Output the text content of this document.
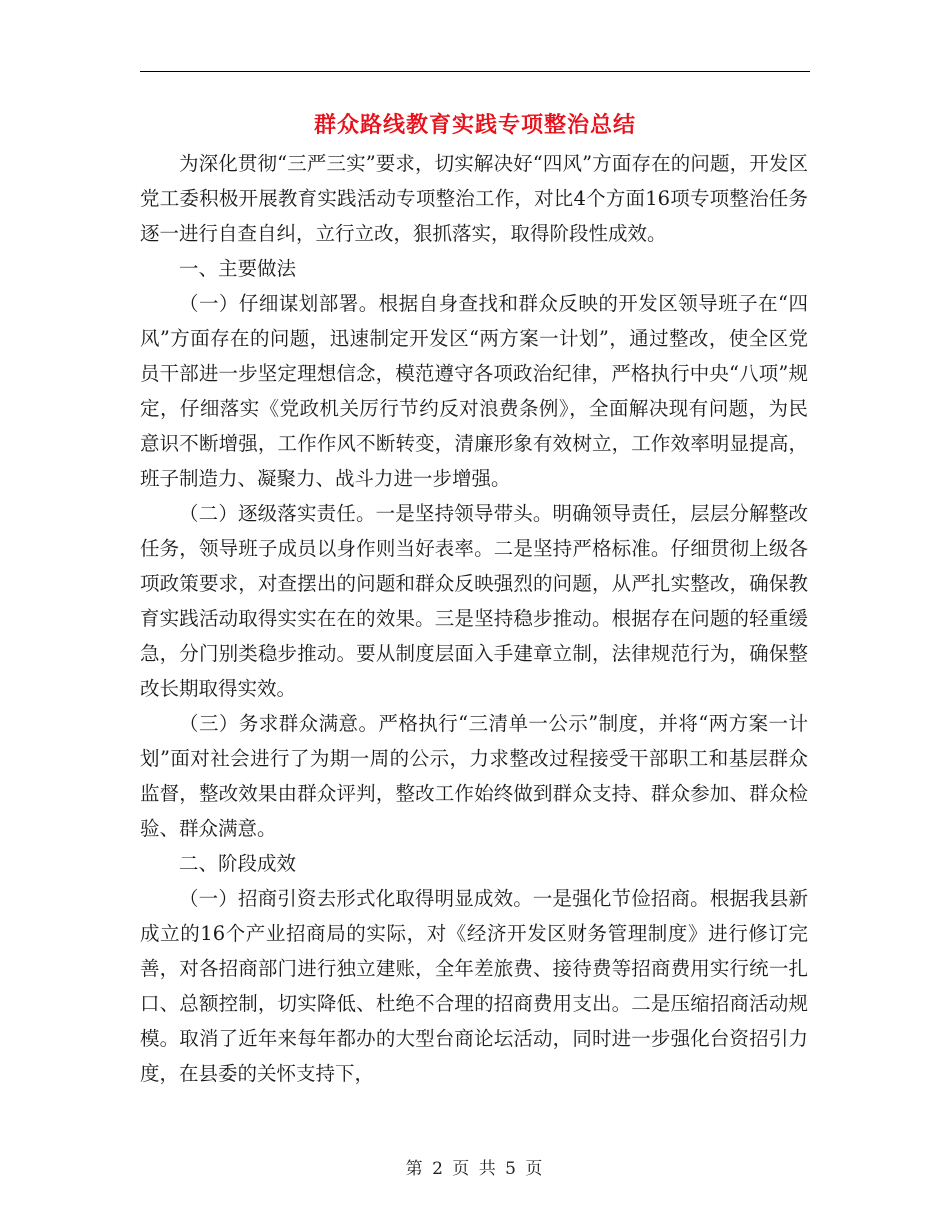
群众路线教育实践专项整治总结

为深化贯彻“三严三实”要求，切实解决好“四风”方面存在的问题，开发区党工委积极开展教育实践活动专项整治工作，对比4个方面16项专项整治任务逐一进行自查自纠，立行立改，狠抓落实，取得阶段性成效。

一、主要做法

（一）仔细谋划部署。根据自身查找和群众反映的开发区领导班子在“四风”方面存在的问题，迅速制定开发区“两方案一计划”，通过整改，使全区党员干部进一步坚定理想信念，模范遵守各项政治纪律，严格执行中央“八项”规定，仔细落实《党政机关厉行节约反对浪费条例》，全面解决现有问题，为民意识不断增强，工作作风不断转变，清廉形象有效树立，工作效率明显提高，班子制造力、凝聚力、战斗力进一步增强。

（二）逐级落实责任。一是坚持领导带头。明确领导责任，层层分解整改任务，领导班子成员以身作则当好表率。二是坚持严格标准。仔细贯彻上级各项政策要求，对查摆出的问题和群众反映强烈的问题，从严扎实整改，确保教育实践活动取得实实在在的效果。三是坚持稳步推动。根据存在问题的轻重缓急，分门别类稳步推动。要从制度层面入手建章立制，法律规范行为，确保整改长期取得实效。

（三）务求群众满意。严格执行“三清单一公示”制度，并将“两方案一计划”面对社会进行了为期一周的公示，力求整改过程接受干部职工和基层群众监督，整改效果由群众评判，整改工作始终做到群众支持、群众参加、群众检验、群众满意。

二、阶段成效

（一）招商引资去形式化取得明显成效。一是强化节俭招商。根据我县新成立的16个产业招商局的实际，对《经济开发区财务管理制度》进行修订完善，对各招商部门进行独立建账，全年差旅费、接待费等招商费用实行统一扎口、总额控制，切实降低、杜绝不合理的招商费用支出。二是压缩招商活动规模。取消了近年来每年都办的大型台商论坛活动，同时进一步强化台资招引力度，在县委的关怀支持下，

第 2 页 共 5 页
